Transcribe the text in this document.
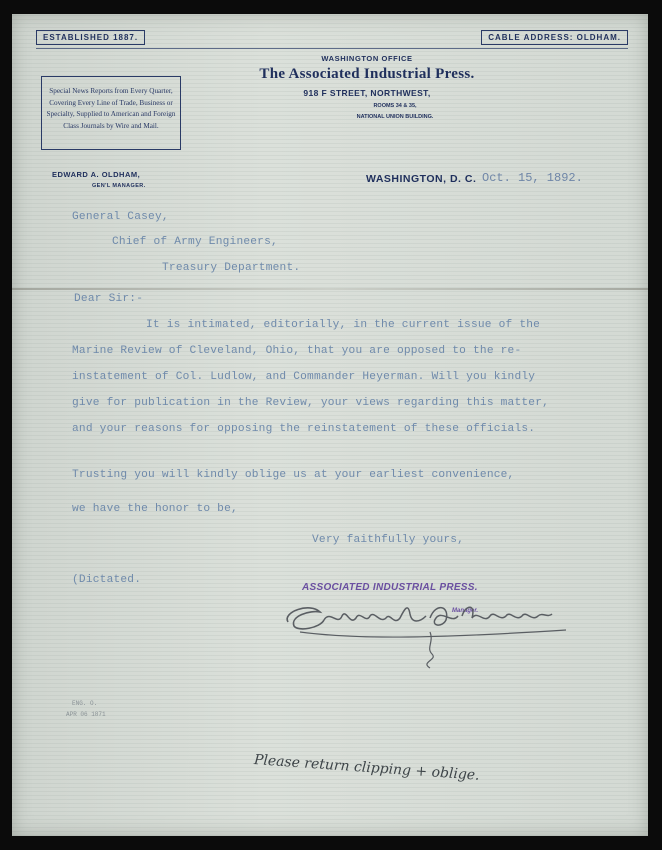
ESTABLISHED 1887.	CABLE ADDRESS: OLDHAM.
Special News Reports from Every Quarter, Covering Every Line of Trade, Business or Specialty, Supplied to American and Foreign Class Journals by Wire and Mail.
WASHINGTON OFFICE
The Associated Industrial Press.
918 F STREET, NORTHWEST,
ROOMS 34 & 35,
NATIONAL UNION BUILDING.
EDWARD A. OLDHAM,
GEN'L MANAGER.
WASHINGTON, D. C. Oct. 15, 1892.
General Casey,
Chief of Army Engineers,
Treasury Department.
Dear Sir:-
It is intimated, editorially, in the current issue of the
Marine Review of Cleveland, Ohio, that you are opposed to the re-
instatement of Col. Ludlow, and Commander Heyerman. Will you kindly
give for publication in the Review, your views regarding this matter,
and your reasons for opposing the reinstatement of these officials.
Trusting you will kindly oblige us at your earliest convenience,
we have the honor to be,
Very faithfully yours,
(Dictated.
ASSOCIATED INDUSTRIAL PRESS.
Manager.
ENG. O.
APR 06 1871
Please return clipping + oblige.
